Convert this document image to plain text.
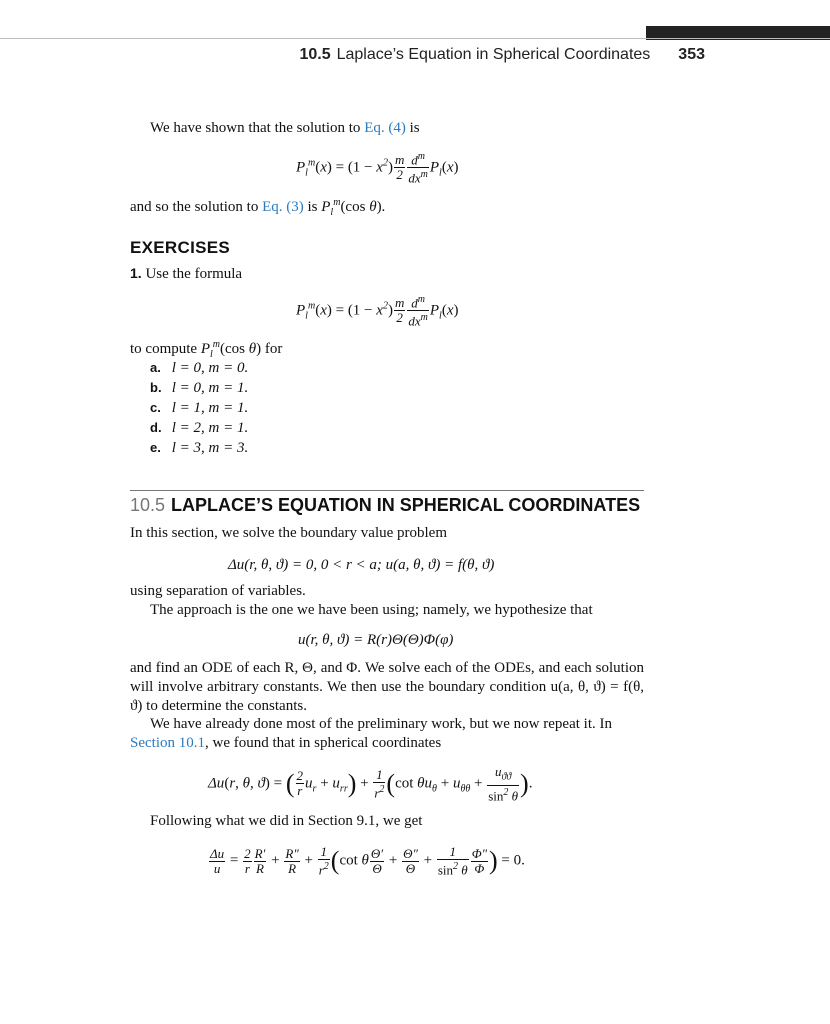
10.5 Laplace’s Equation in Spherical Coordinates 353
We have shown that the solution to Eq. (4) is
$P_l^m(x) = (1 - x^2) \frac{m}{2} \frac{d^m}{dx^m} P_l(x)$
and so the solution to Eq. (3) is $P_l^m(\cos$ θ).
EXERCISES
1. Use the formula
$P_l^m(x) = (1 - x^2) \frac{m}{2} \frac{d^m}{dx^m} P_l(x)$
to compute $P_l^m(\cos$ θ) for
a. l = 0, m = 0.
b. l = 0, m = 1.
c. l = 1, m = 1.
d. l = 2, m = 1.
e. l = 3, m = 3.
10.5 LAPLACE’S EQUATION IN SPHERICAL COORDINATES
In this section, we solve the boundary value problem
Δu(r, θ, ϑ) = 0, 0 < r < a; u(a, θ, ϑ) = f(θ, ϑ)
using separation of variables.
The approach is the one we have been using; namely, we hypothesize that
u(r, θ, ϑ) = R(r)Θ(Θ)Φ(φ)
and find an ODE of each R, Θ, and Φ. We solve each of the ODEs, and each solution will involve arbitrary constants. We then use the boundary condition u(a, θ, ϑ) = f(θ, ϑ) to determine the constants.
We have already done most of the preliminary work, but we now repeat it. In
Section 10.1, we found that in spherical coordinates
Δu(r, θ, ϑ) = ( $\frac{2}{r} u_r + u_{rr}) + \frac{1}{r^2} (\cot$ $\theta u_\theta + u_{\theta\theta} + \frac{u_{ϑϑ}}{\sin^2 \theta}$ ).
Following what we did in Section 9.1, we get
$\frac{\Delta u}{u} = \frac{2}{r} \frac{R'}{R} + \frac{R''}{R} + \frac{1}{r^2} (\cot$ θ $\frac{\Theta'}{\Theta} + \frac{\Theta''}{\Theta} + \frac{1}{\sin^2 \theta} \frac{\Phi''}{\Phi}$ ) = 0.
